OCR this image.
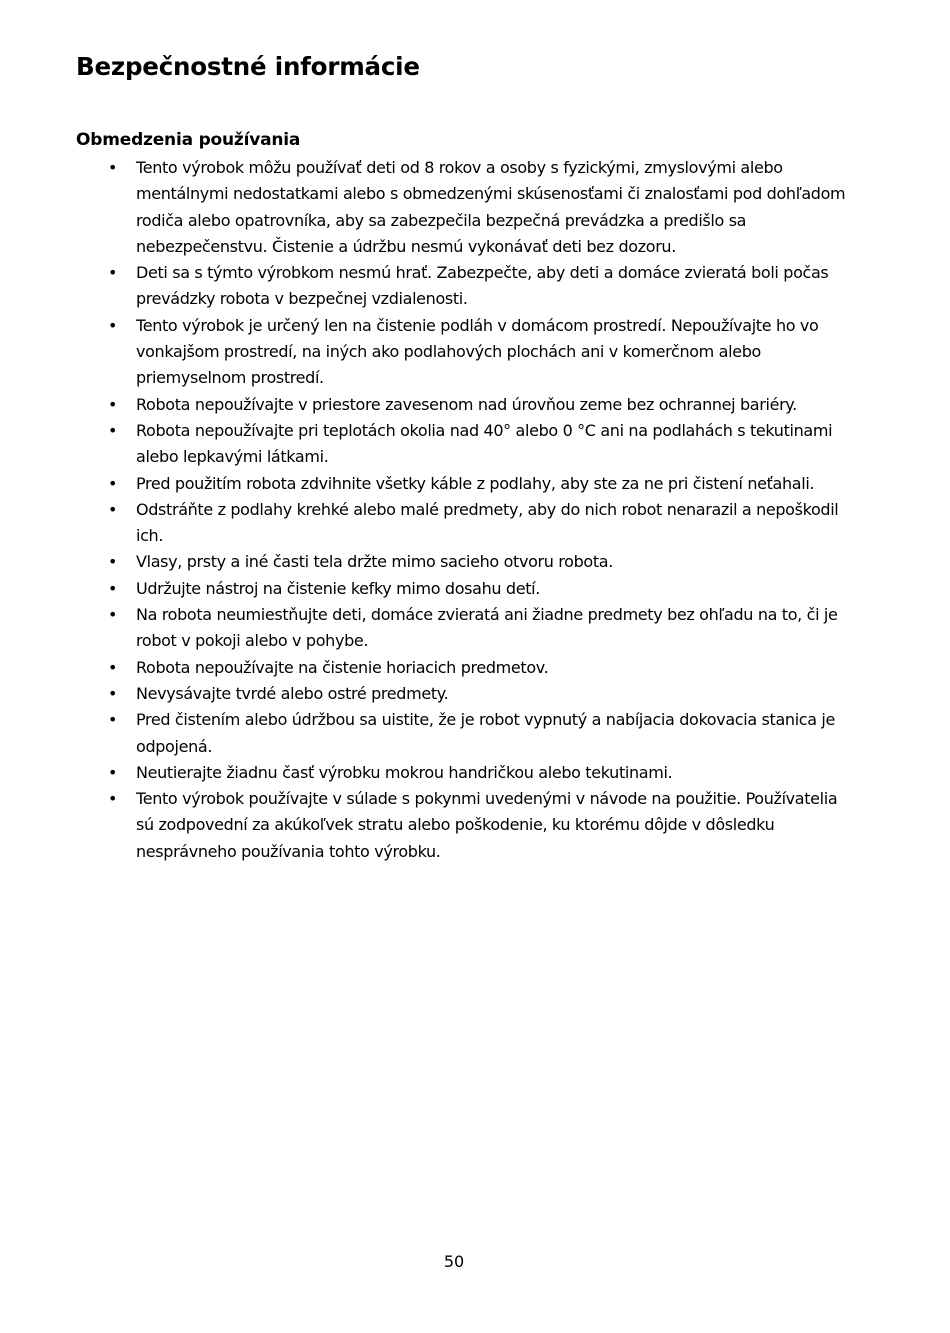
Bezpečnostné informácie
Obmedzenia používania
• Tento výrobok môžu používať deti od 8 rokov a osoby s fyzickými, zmyslovými alebo mentálnymi nedostatkami alebo s obmedzenými skúsenosťami či znalosťami pod dohľadom rodiča alebo opatrovníka, aby sa zabezpečila bezpečná prevádzka a predišlo sa nebezpečenstvu. Čistenie a údržbu nesmú vykonávať deti bez dozoru.
• Deti sa s týmto výrobkom nesmú hrať. Zabezpečte, aby deti a domáce zvieratá boli počas prevádzky robota v bezpečnej vzdialenosti.
• Tento výrobok je určený len na čistenie podláh v domácom prostredí. Nepoužívajte ho vo vonkajšom prostredí, na iných ako podlahových plochách ani v komerčnom alebo priemyselnom prostredí.
• Robota nepoužívajte v priestore zavesenom nad úrovňou zeme bez ochrannej bariéry.
• Robota nepoužívajte pri teplotách okolia nad 40° alebo 0 °C ani na podlahách s tekutinami alebo lepkavými látkami.
• Pred použitím robota zdvihnite všetky káble z podlahy, aby ste za ne pri čistení neťahali.
• Odstráňte z podlahy krehké alebo malé predmety, aby do nich robot nenarazil a nepoškodil ich.
• Vlasy, prsty a iné časti tela držte mimo sacieho otvoru robota.
• Udržujte nástroj na čistenie kefky mimo dosahu detí.
• Na robota neumiestňujte deti, domáce zvieratá ani žiadne predmety bez ohľadu na to, či je robot v pokoji alebo v pohybe.
• Robota nepoužívajte na čistenie horiacich predmetov.
• Nevysávajte tvrdé alebo ostré predmety.
• Pred čistením alebo údržbou sa uistite, že je robot vypnutý a nabíjacia dokovacia stanica je odpojená.
• Neutierajte žiadnu časť výrobku mokrou handričkou alebo tekutinami.
• Tento výrobok používajte v súlade s pokynmi uvedenými v návode na použitie. Používatelia sú zodpovední za akúkoľvek stratu alebo poškodenie, ku ktorému dôjde v dôsledku nesprávneho používania tohto výrobku.
50
